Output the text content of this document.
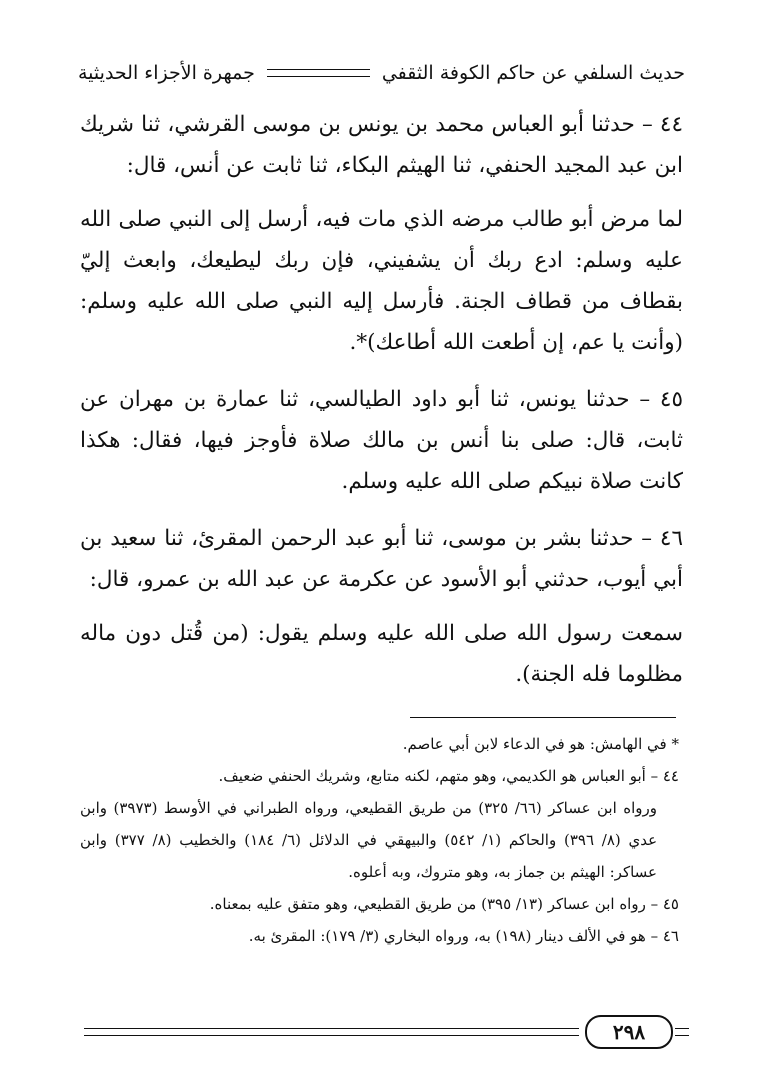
حديث السلفي عن حاكم الكوفة الثقفي
جمهرة الأجزاء الحديثية

٤٤ – حدثنا أبو العباس محمد بن يونس بن موسى القرشي، ثنا شريك ابن عبد المجيد الحنفي، ثنا الهيثم البكاء، ثنا ثابت عن أنس، قال:

لما مرض أبو طالب مرضه الذي مات فيه، أرسل إلى النبي صلى الله عليه وسلم: ادع ربك أن يشفيني، فإن ربك ليطيعك، وابعث إليّ بقطاف من قطاف الجنة. فأرسل إليه النبي صلى الله عليه وسلم: (وأنت يا عم، إن أطعت الله أطاعك)*.

٤٥ – حدثنا يونس، ثنا أبو داود الطيالسي، ثنا عمارة بن مهران عن ثابت، قال: صلى بنا أنس بن مالك صلاة فأوجز فيها، فقال: هكذا كانت صلاة نبيكم صلى الله عليه وسلم.

٤٦ – حدثنا بشر بن موسى، ثنا أبو عبد الرحمن المقرئ، ثنا سعيد بن أبي أيوب، حدثني أبو الأسود عن عكرمة عن عبد الله بن عمرو، قال:

سمعت رسول الله صلى الله عليه وسلم يقول: (من قُتل دون ماله مظلوما فله الجنة).

* في الهامش: هو في الدعاء لابن أبي عاصم.

٤٤ – أبو العباس هو الكديمي، وهو متهم، لكنه متابع، وشريك الحنفي ضعيف.

ورواه ابن عساكر (٦٦/ ٣٢٥) من طريق القطيعي، ورواه الطبراني في الأوسط (٣٩٧٣) وابن عدي (٨/ ٣٩٦) والحاكم (١/ ٥٤٢) والبيهقي في الدلائل (٦/ ١٨٤) والخطيب (٨/ ٣٧٧) وابن عساكر: الهيثم بن جماز به، وهو متروك، وبه أعلوه.

٤٥ – رواه ابن عساكر (١٣/ ٣٩٥) من طريق القطيعي، وهو متفق عليه بمعناه.

٤٦ – هو في الألف دينار (١٩٨) به، ورواه البخاري (٣/ ١٧٩): المقرئ به.

٢٩٨
